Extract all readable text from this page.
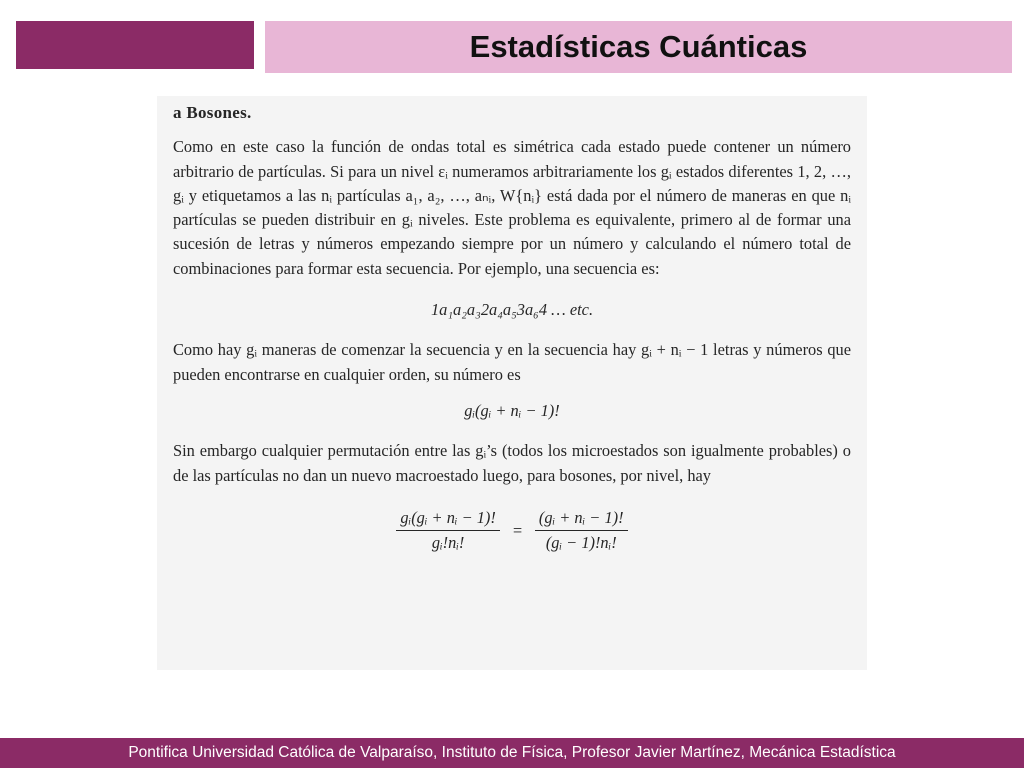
Estadísticas Cuánticas

a Bosones.

Como en este caso la función de ondas total es simétrica cada estado puede contener un número arbitrario de partículas. Si para un nivel εᵢ numeramos arbitrariamente los gᵢ estados diferentes 1, 2, …, gᵢ y etiquetamos a las nᵢ partículas a₁, a₂, …, aₙᵢ, W{nᵢ} está dada por el número de maneras en que nᵢ partículas se pueden distribuir en gᵢ niveles. Este problema es equivalente, primero al de formar una sucesión de letras y números empezando siempre por un número y calculando el número total de combinaciones para formar esta secuencia. Por ejemplo, una secuencia es:

1a₁a₂a₃2a₄a₅3a₆4 … etc.

Como hay gᵢ maneras de comenzar la secuencia y en la secuencia hay gᵢ + nᵢ − 1 letras y números que pueden encontrarse en cualquier orden, su número es

gᵢ(gᵢ + nᵢ − 1)!

Sin embargo cualquier permutación entre las gᵢ’s (todos los microestados son igualmente probables) o de las partículas no dan un nuevo macroestado luego, para bosones, por nivel, hay

$\frac{\text{gᵢ(gᵢ + nᵢ − 1)!}}{\text{gᵢ!nᵢ!}} = \frac{\text{(gᵢ + nᵢ − 1)!}}{\text{(gᵢ − 1)!nᵢ!}}$
Pontifica Universidad Católica de Valparaíso, Instituto de Física, Profesor Javier Martínez, Mecánica Estadística
